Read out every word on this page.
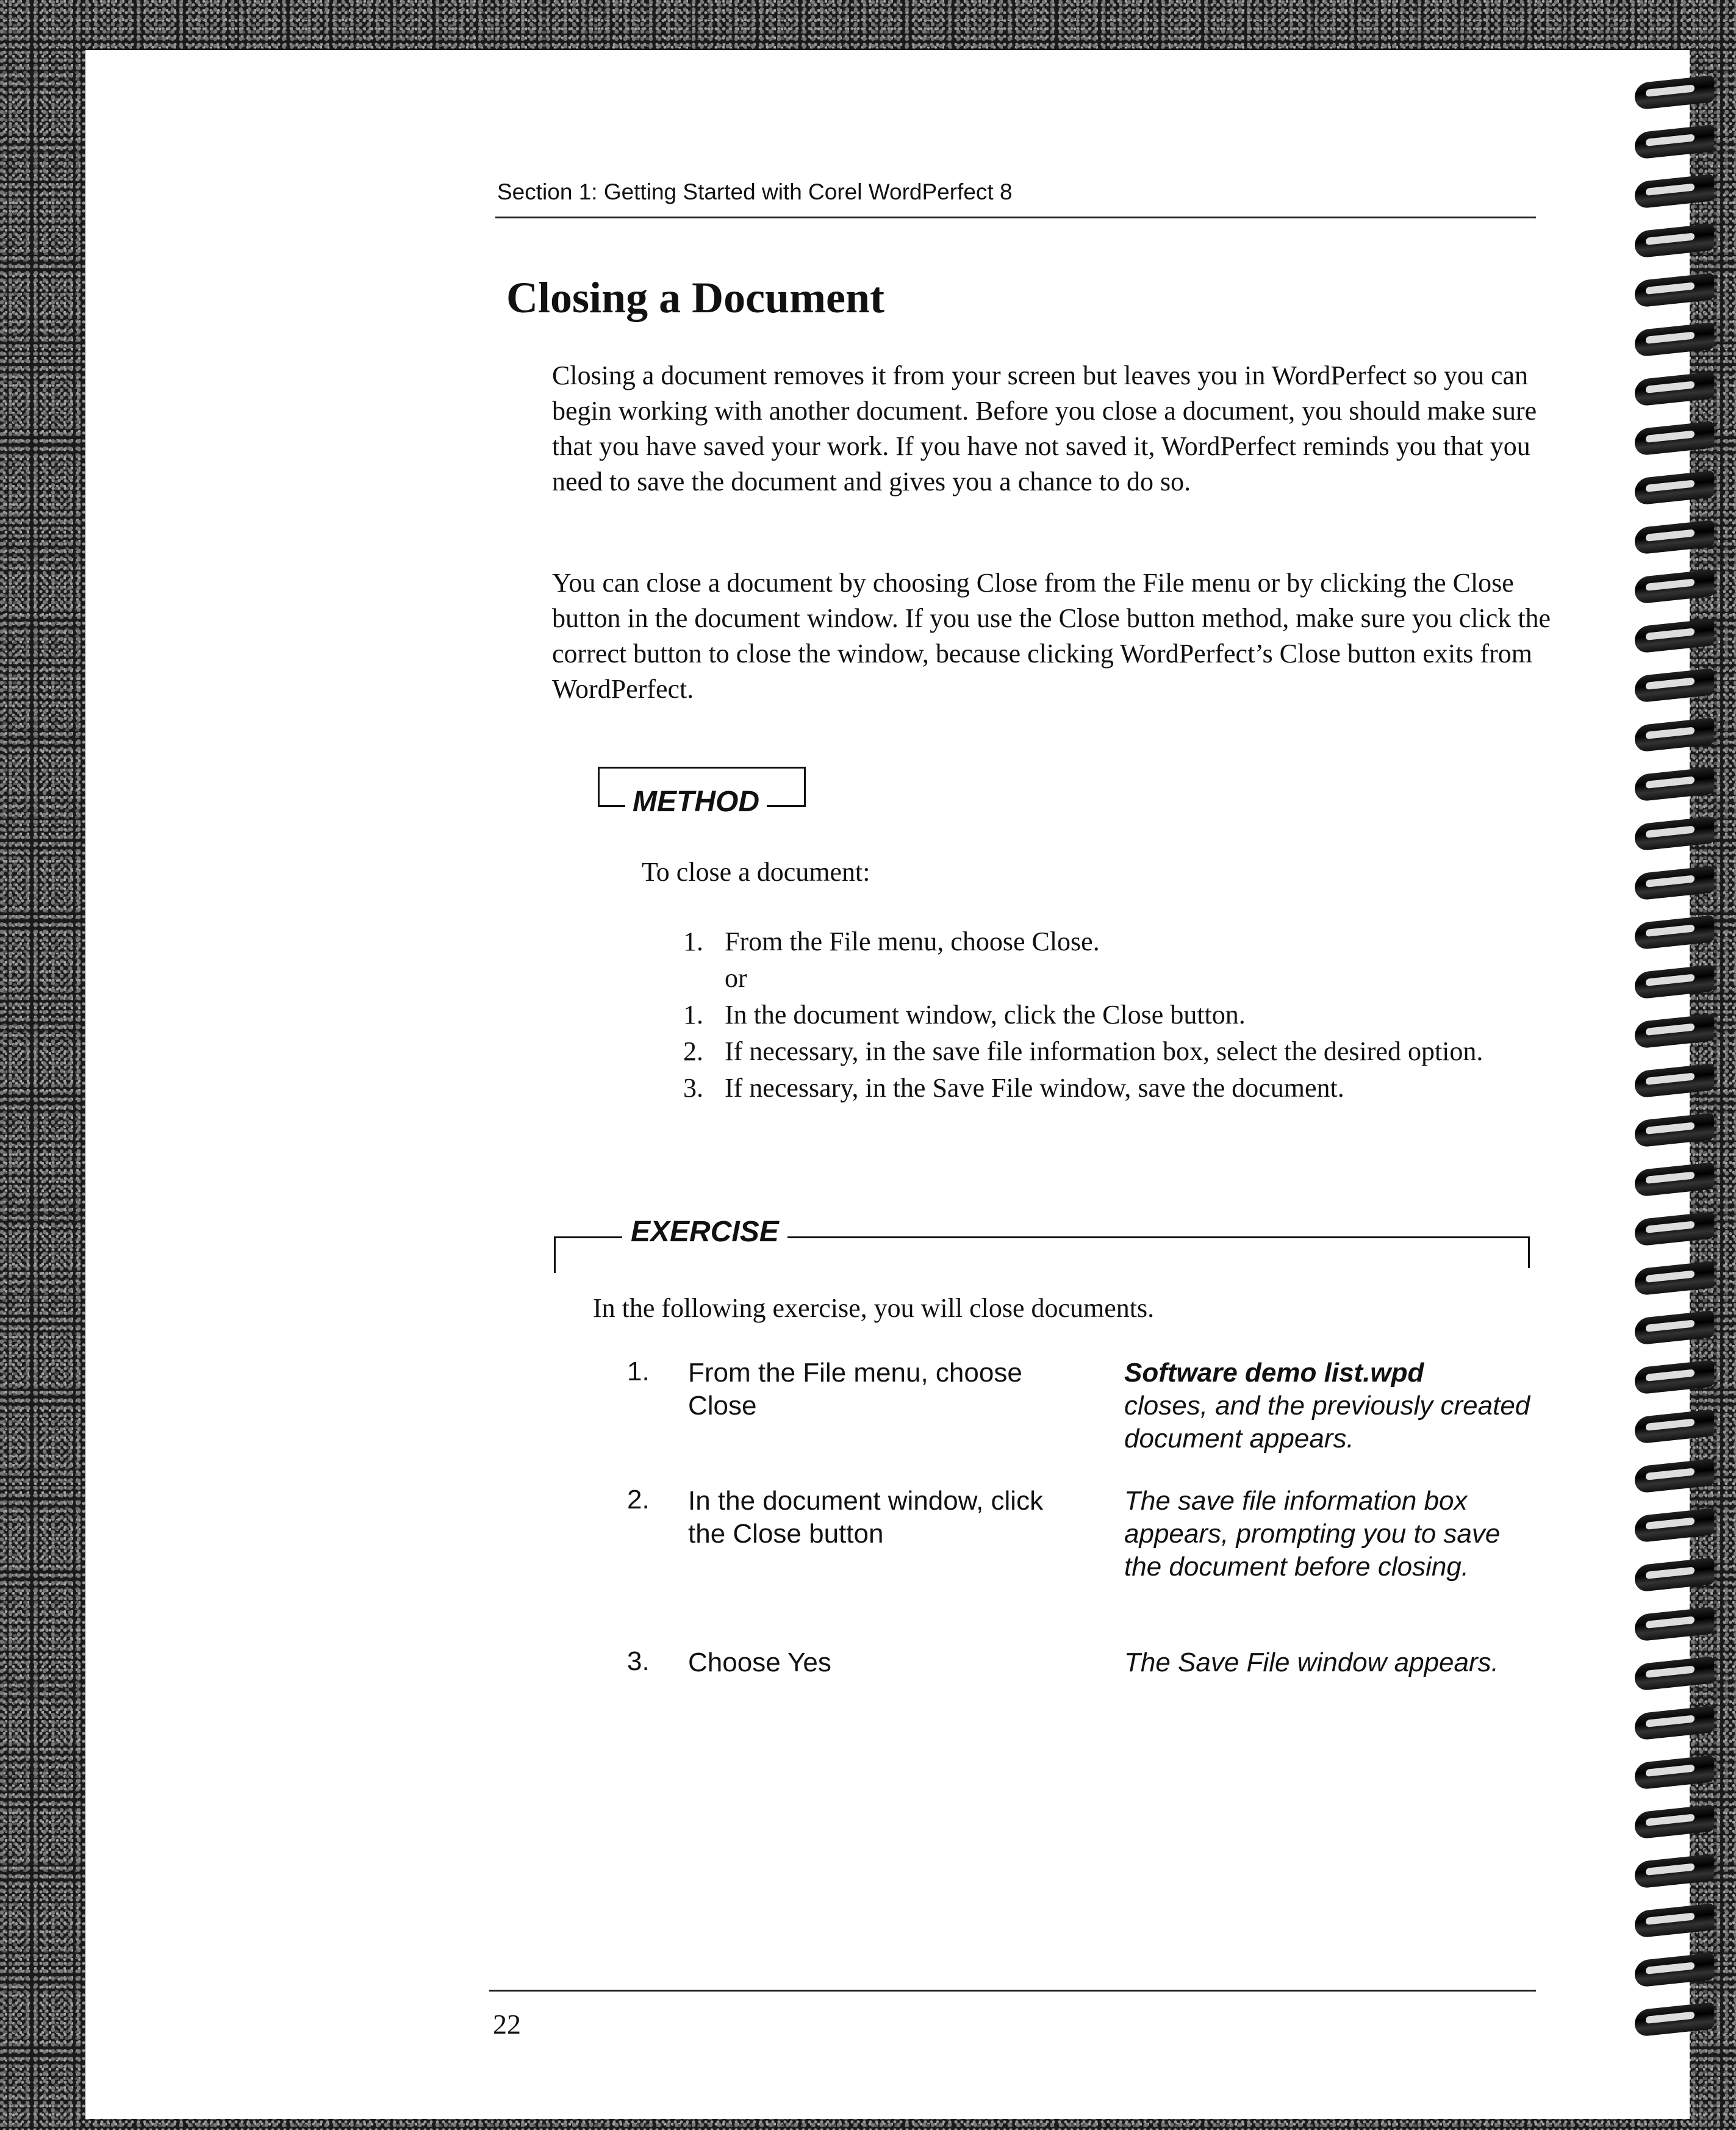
Section 1: Getting Started with Corel WordPerfect 8
Closing a Document

Closing a document removes it from your screen but leaves you in WordPerfect so you can begin working with another document. Before you close a document, you should make sure that you have saved your work. If you have not saved it, WordPerfect reminds you that you need to save the document and gives you a chance to do so.

You can close a document by choosing Close from the File menu or by clicking the Close button in the document window. If you use the Close button method, make sure you click the correct button to close the window, because clicking WordPerfect’s Close button exits from WordPerfect.

METHOD
To close a document:
1. From the File menu, choose Close.
or
1. In the document window, click the Close button.
2. If necessary, in the save file information box, select the desired option.
3. If necessary, in the Save File window, save the document.
EXERCISE
In the following exercise, you will close documents.
1. From the File menu, choose Close
Software demo list.wpd
closes, and the previously created document appears.
2. In the document window, click the Close button
The save file information box appears, prompting you to save the document before closing.
3. Choose Yes	The Save File window appears.
22
